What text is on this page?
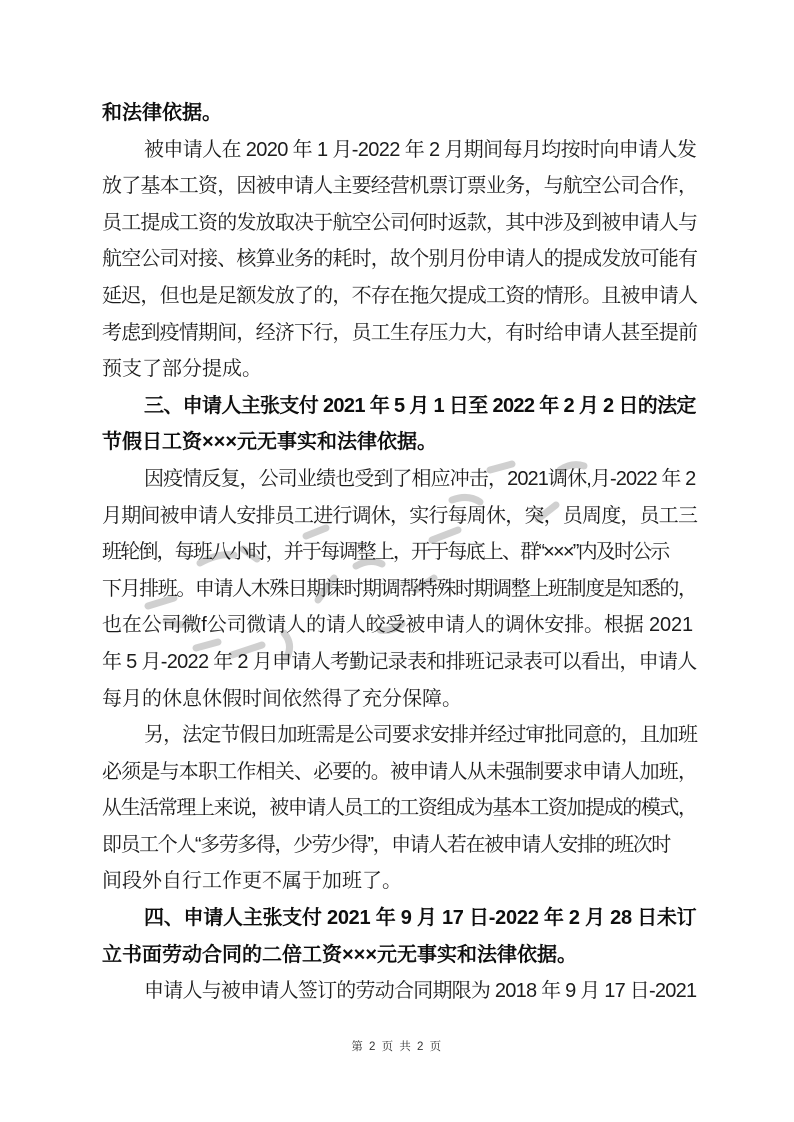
和法律依据。
被申请人在 2020 年 1 月-2022 年 2 月期间每月均按时向申请人发
放了基本工资，因被申请人主要经营机票订票业务，与航空公司合作，
员工提成工资的发放取决于航空公司何时返款，其中涉及到被申请人与
航空公司对接、核算业务的耗时，故个别月份申请人的提成发放可能有
延迟，但也是足额发放了的，不存在拖欠提成工资的情形。且被申请人
考虑到疫情期间，经济下行，员工生存压力大，有时给申请人甚至提前
预支了部分提成。
三、申请人主张支付 2021 年 5 月 1 日至 2022 年 2 月 2 日的法定
节假日工资×××元无事实和法律依据。
因疫情反复，公司业绩也受到了相应冲击，2021调休,月-2022 年 2
月期间被申请人安排员工进行调休，实行每周休，突，员周度，员工三
班轮倒，每班八小时，并于每调整上，开于每底上、群“×××”内及时公示
下月排班。申请人木殊日期诔时期调帮特殊时期调整上班制度是知悉的，
也在公司微f公司微请人的请人皎受被申请人的调休安排。根据 2021
年 5 月-2022 年 2 月申请人考勤记录表和排班记录表可以看出，申请人
每月的休息休假时间依然得了充分保障。
另，法定节假日加班需是公司要求安排并经过审批同意的，且加班
必须是与本职工作相关、必要的。被申请人从未强制要求申请人加班，
从生活常理上来说，被申请人员工的工资组成为基本工资加提成的模式，
即员工个人“多劳多得，少劳少得”，申请人若在被申请人安排的班次时
间段外自行工作更不属于加班了。
四、申请人主张支付 2021 年 9 月 17 日-2022 年 2 月 28 日未订
立书面劳动合同的二倍工资×××元无事实和法律依据。
申请人与被申请人签订的劳动合同期限为 2018 年 9 月 17 日-2021
第 2 页 共 2 页
